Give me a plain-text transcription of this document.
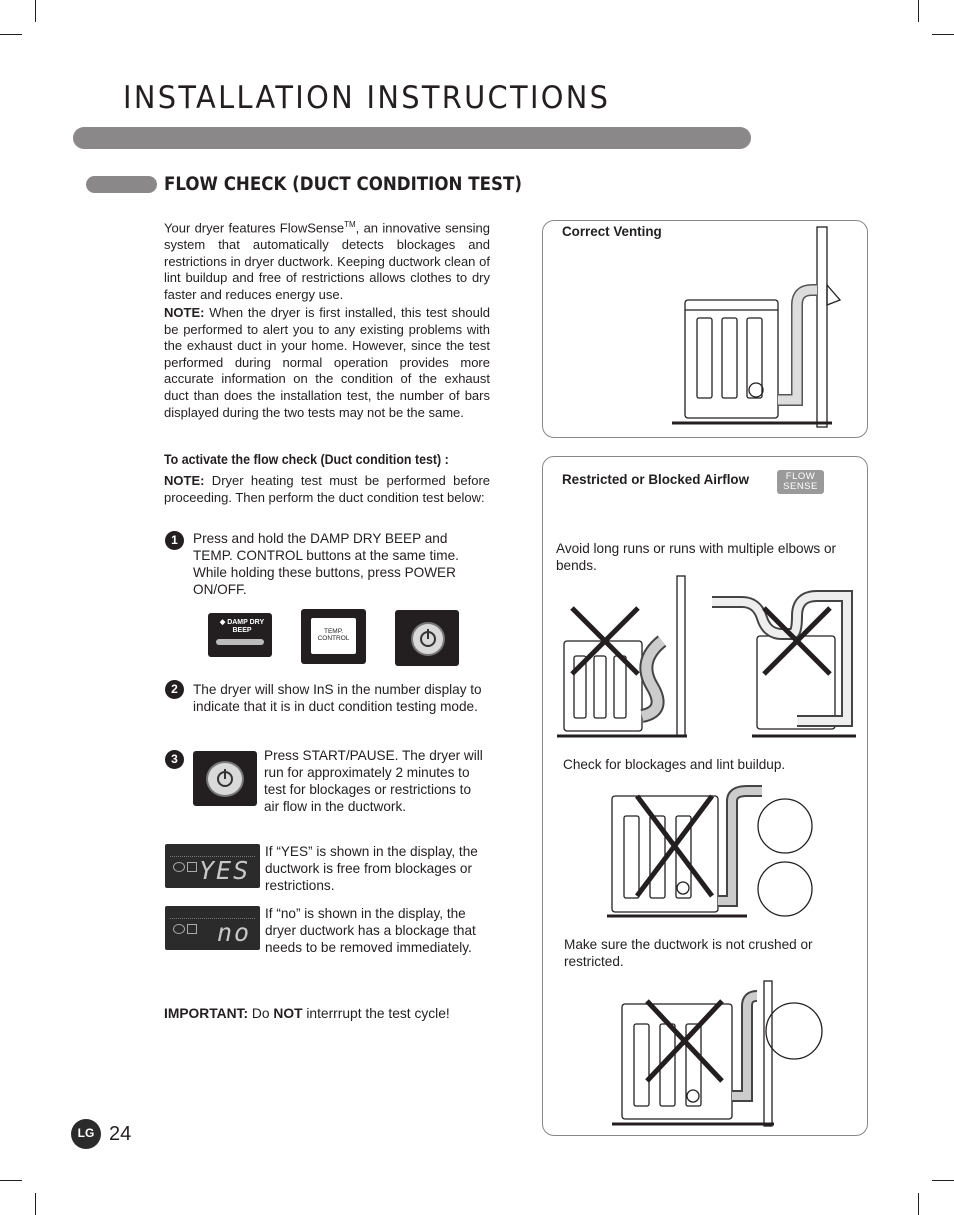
INSTALLATION INSTRUCTIONS
FLOW CHECK (DUCT CONDITION TEST)
Your dryer features FlowSense™, an innovative sensing system that automatically detects blockages and restrictions in dryer ductwork. Keeping ductwork clean of lint buildup and free of restrictions allows clothes to dry faster and reduces energy use.
NOTE: When the dryer is first installed, this test should be performed to alert you to any existing problems with the exhaust duct in your home. However, since the test performed during normal operation provides more accurate information on the condition of the exhaust duct than does the installation test, the number of bars displayed during the two tests may not be the same.
To activate the flow check (Duct condition test) :
NOTE: Dryer heating test must be performed before proceeding. Then perform the duct condition test below:
1	Press and hold the DAMP DRY BEEP and TEMP. CONTROL buttons at the same time. While holding these buttons, press POWER ON/OFF.
◆ DAMP DRY
BEEP	TEMP.
CONTROL
2	The dryer will show InS in the number display to indicate that it is in duct condition testing mode.
3	Press START/PAUSE. The dryer will run for approximately 2 minutes to test for blockages or restrictions to air flow in the ductwork.
YES
If “YES” is shown in the display, the ductwork is free from blockages or restrictions.
no
If “no” is shown in the display, the dryer ductwork has a blockage that needs to be removed immediately.
IMPORTANT: Do NOT interrrupt the test cycle!
Correct Venting
Restricted or Blocked Airflow	FLOW
SENSE
Avoid long runs or runs with multiple elbows or bends.
Check for blockages and lint buildup.
Make sure the ductwork is not crushed or restricted.
LG 24
